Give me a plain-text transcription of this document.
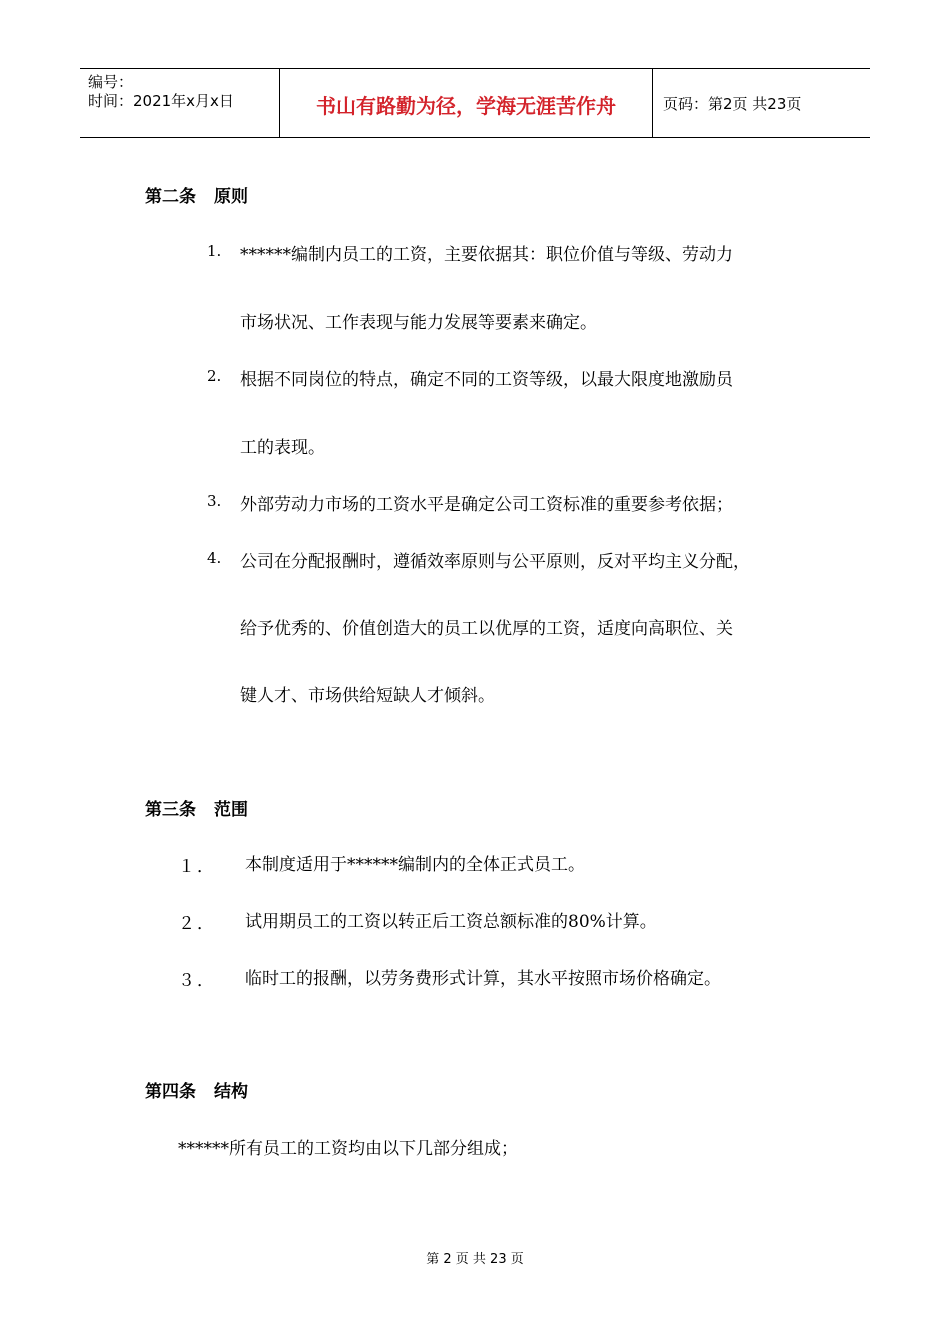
编号：
时间：2021年x月x日	书山有路勤为径，学海无涯苦作舟	页码：第2页 共23页
第二条 原则
1. ******编制内员工的工资，主要依据其：职位价值与等级、劳动力
市场状况、工作表现与能力发展等要素来确定。
2. 根据不同岗位的特点，确定不同的工资等级，以最大限度地激励员
工的表现。
3. 外部劳动力市场的工资水平是确定公司工资标准的重要参考依据；
4. 公司在分配报酬时，遵循效率原则与公平原则，反对平均主义分配，
给予优秀的、价值创造大的员工以优厚的工资，适度向高职位、关
键人才、市场供给短缺人才倾斜。
第三条 范围
１． 本制度适用于******编制内的全体正式员工。
２． 试用期员工的工资以转正后工资总额标准的80%计算。
３． 临时工的报酬，以劳务费形式计算，其水平按照市场价格确定。
第四条 结构
******所有员工的工资均由以下几部分组成；
第 2 页 共 23 页
